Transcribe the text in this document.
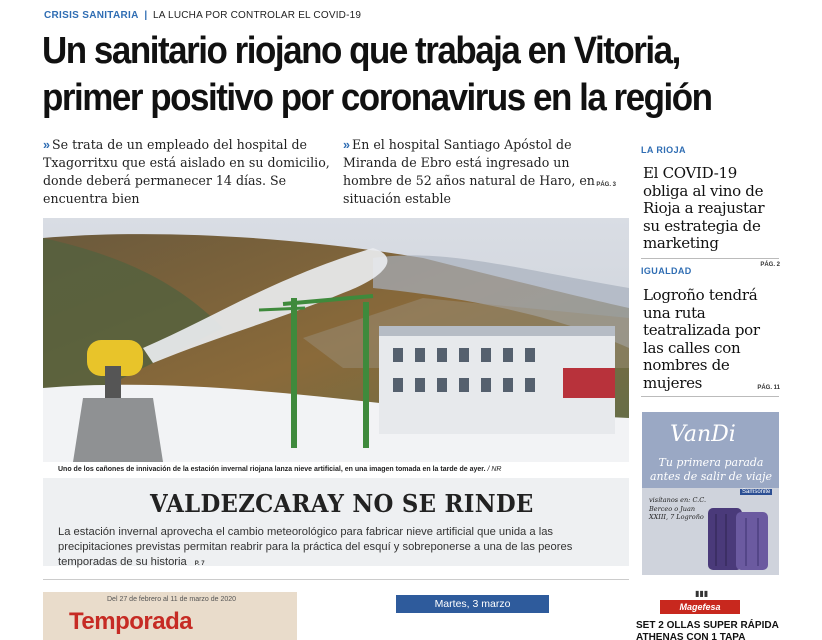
CRISIS SANITARIA | LA LUCHA POR CONTROLAR EL COVID-19
Un sanitario riojano que trabaja en Vitoria,
primer positivo por coronavirus en la región

» Se trata de un empleado del hospital de Txagorritxu que está aislado en su domicilio, donde deberá permanecer 14 días. Se encuentra bien

» En el hospital Santiago Apóstol de Miranda de Ebro está ingresado un hombre de 52 años natural de Haro, en situación estable
PÁG. 3

Uno de los cañones de innivación de la estación invernal riojana lanza nieve artificial, en una imagen tomada en la tarde de ayer. / NR
VALDEZCARAY NO SE RINDE

La estación invernal aprovecha el cambio meteorológico para fabricar nieve artificial que unida a las precipitaciones previstas permitan reabrir para la práctica del esquí y sobreponerse a una de las peores temporadas de su historia P. 7

LA RIOJA
El COVID-19 obliga al vino de Rioja a reajustar su estrategia de marketing
PÁG. 2
IGUALDAD
Logroño tendrá una ruta teatralizada por las calles con nombres de mujeres	PÁG. 11
VanDi
Tu primera parada antes de salir de viaje
visítanos en: C.C. Berceo o Juan XXIII, 7 Logroño
Samsonite
Del 27 de febrero al 11 de marzo de 2020
Temporada
Martes, 3 marzo
▮▮▮
Magefesa
SET 2 OLLAS SUPER RÁPIDA ATHENAS CON 1 TAPA
